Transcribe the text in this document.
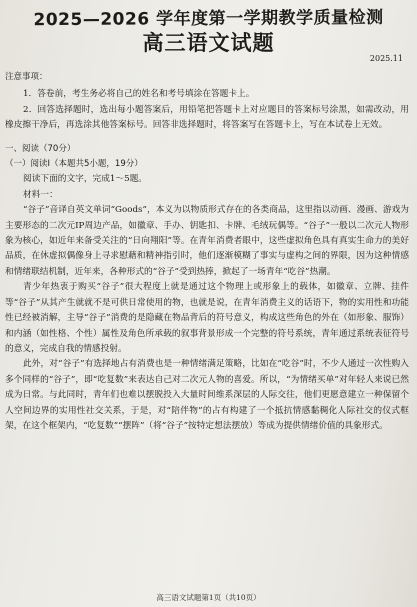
2025—2026 学年度第一学期教学质量检测
高三语文试题
2025.11

注意事项：

1．答卷前，考生务必将自己的姓名和考号填涂在答题卡上。

2．回答选择题时，选出每小题答案后，用铅笔把答题卡上对应题目的答案标号涂黑，如需改动，用橡皮擦干净后，再选涂其他答案标号。回答非选择题时，将答案写在答题卡上，写在本试卷上无效。

一、阅读（70分）

（一）阅读Ⅰ（本题共5小题，19分）

阅读下面的文字，完成1～5题。

材料一：

“谷子”音译自英文单词“Goods”，本义为以物质形式存在的各类商品，这里指以动画、漫画、游戏为主要形态的二次元IP周边产品，如徽章、手办、钥匙扣、卡牌、毛绒玩偶等。“谷子”一般以二次元人物形象为核心，如近年来备受关注的“日向翔阳”等。在青年消费者眼中，这些虚拟角色具有真实生命力的美好品质，在休虚拟偶像身上寻求慰藉和精神指引时，他们逐渐模糊了事实与虚构之间的界限，因为这种情感和情绪联结机制，近年来，各种形式的“谷子”受到热捧，掀起了一场青年“吃谷”热潮。

青少年热衷于购买“谷子”很大程度上就是通过这个物理上或形象上的载体，如徽章、立牌、挂件等“谷子”从其产生就就不是可供日常使用的物，也就是说，在青年消费主义的话语下，物的实用性和功能性已经被消解，主导“谷子”消费的是隐藏在物品背后的符号意义，构成这些角色的外在（如形象、服饰）和内涵（如性格、个性）属性及角色所承载的叙事背景形成一个完整的符号系统，青年通过系统表征符号的意义，完成自我的情感投射。

此外，对“谷子”有选择地占有消费也是一种情绪满足策略，比如在“吃谷”时，不少人通过一次性购入多个同样的“谷子”，即“吃复数”来表达自己对二次元人物的喜爱。所以，“为情绪买单”对年轻人来说已然成为日常。与此同时，青年们也难以摆脱投入大量时间维系深层的人际交往，他们更愿意建立一种保留个人空间边界的实用性社交关系，于是，对“陪伴物”的占有构建了一个抵抗情感黏稠化人际社交的仪式框架，在这个框架内，“吃复数”“摆阵”（将“谷子”按特定想法摆放）等成为提供情绪价值的具象形式。

高三语文试题第1页（共10页）
